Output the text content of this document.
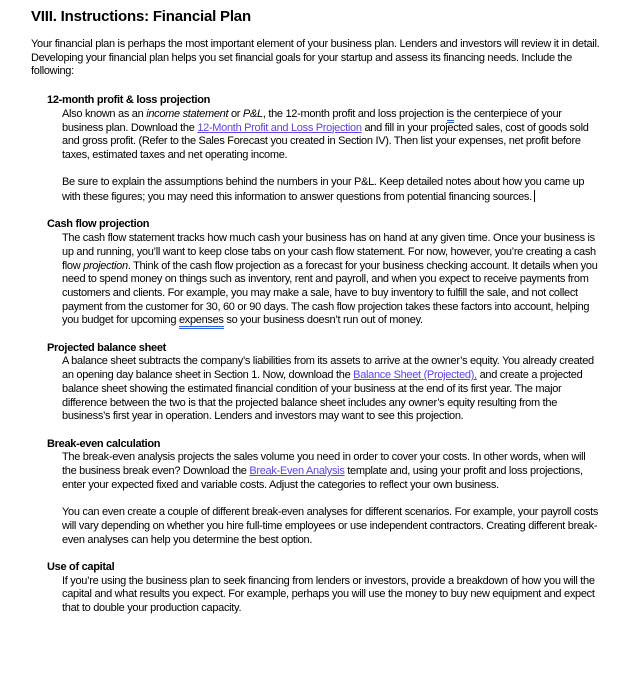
VIII. Instructions: Financial Plan

Your financial plan is perhaps the most important element of your business plan. Lenders and investors will review it in detail. Developing your financial plan helps you set financial goals for your startup and assess its financing needs. Include the following:

12-month profit & loss projection

Also known as an income statement or P&L, the 12-month profit and loss projection is the centerpiece of your business plan. Download the 12-Month Profit and Loss Projection and fill in your projected sales, cost of goods sold and gross profit. (Refer to the Sales Forecast you created in Section IV). Then list your expenses, net profit before taxes, estimated taxes and net operating income.

Be sure to explain the assumptions behind the numbers in your P&L. Keep detailed notes about how you came up with these figures; you may need this information to answer questions from potential financing sources.

Cash flow projection

The cash flow statement tracks how much cash your business has on hand at any given time. Once your business is up and running, you’ll want to keep close tabs on your cash flow statement. For now, however, you’re creating a cash flow projection. Think of the cash flow projection as a forecast for your business checking account. It details when you need to spend money on things such as inventory, rent and payroll, and when you expect to receive payments from customers and clients. For example, you may make a sale, have to buy inventory to fulfill the sale, and not collect payment from the customer for 30, 60 or 90 days. The cash flow projection takes these factors into account, helping you budget for upcoming expenses so your business doesn’t run out of money.

Projected balance sheet

A balance sheet subtracts the company’s liabilities from its assets to arrive at the owner’s equity. You already created an opening day balance sheet in Section 1. Now, download the Balance Sheet (Projected), and create a projected balance sheet showing the estimated financial condition of your business at the end of its first year. The major difference between the two is that the projected balance sheet includes any owner’s equity resulting from the business’s first year in operation. Lenders and investors may want to see this projection.

Break-even calculation

The break-even analysis projects the sales volume you need in order to cover your costs. In other words, when will the business break even? Download the Break-Even Analysis template and, using your profit and loss projections, enter your expected fixed and variable costs. Adjust the categories to reflect your own business.

You can even create a couple of different break-even analyses for different scenarios. For example, your payroll costs will vary depending on whether you hire full-time employees or use independent contractors. Creating different break-even analyses can help you determine the best option.

Use of capital

If you’re using the business plan to seek financing from lenders or investors, provide a breakdown of how you will the capital and what results you expect. For example, perhaps you will use the money to buy new equipment and expect that to double your production capacity.
